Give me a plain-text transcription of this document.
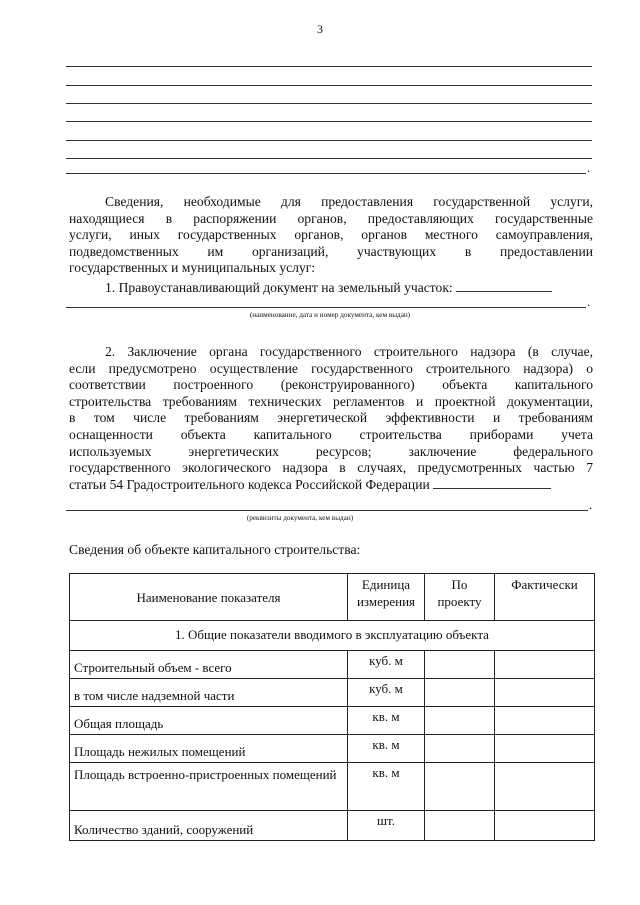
3
.
Сведения, необходимые для предоставления государственной услуги,
находящиеся в распоряжении органов, предоставляющих государственные
услуги, иных государственных органов, органов местного самоуправления,
подведомственных им организаций, участвующих в предоставлении
государственных и муниципальных услуг:
1. Правоустанавливающий документ на земельный участок:
.
(наименование, дата и номер документа, кем выдан)
2. Заключение органа государственного строительного надзора (в случае,
если предусмотрено осуществление государственного строительного надзора) о
соответствии построенного (реконструированного) объекта капитального
строительства требованиям технических регламентов и проектной документации,
в том числе требованиям энергетической эффективности и требованиям
оснащенности объекта капитального строительства приборами учета
используемых энергетических ресурсов; заключение федерального
государственного экологического надзора в случаях, предусмотренных частью 7
статьи 54 Градостроительного кодекса Российской Федерации
.
(реквизиты документа, кем выдан)
Сведения об объекте капитального строительства:
Наименование показателя	Единица измерения	По проекту	Фактически
1. Общие показатели вводимого в эксплуатацию объекта			
Строительный объем - всего	куб. м		
в том числе надземной части	куб. м		
Общая площадь	кв. м		
Площадь нежилых помещений	кв. м		
Площадь встроенно-пристроенных помещений	кв. м		
Количество зданий, сооружений	шт.		
